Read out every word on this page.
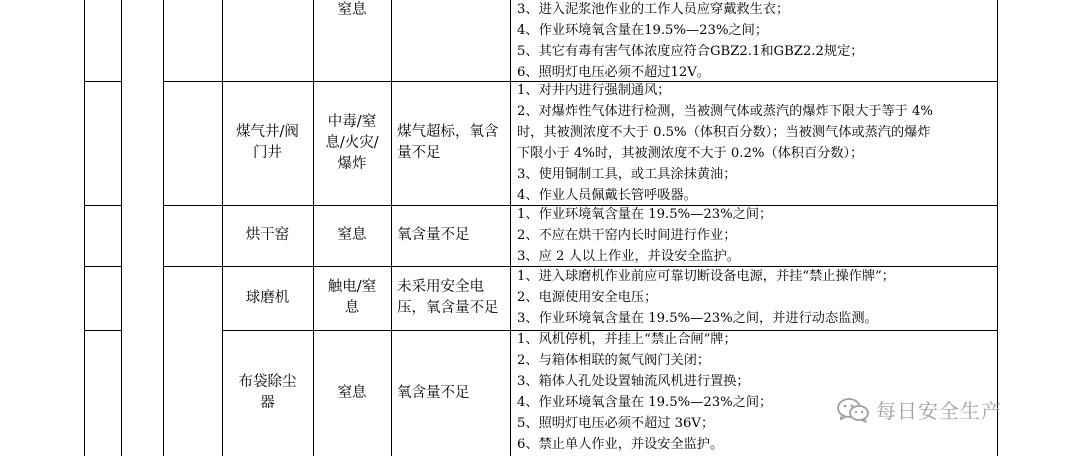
窒息	3、进入泥浆池作业的工作人员应穿戴救生衣；
4、作业环境氧含量在19.5%—23%之间；
5、其它有毒有害气体浓度应符合GBZ2.1和GBZ2.2规定；
6、照明灯电压必须不超过12V。
煤气井/阀
门井
中毒/窒
息/火灾/
爆炸
煤气超标，氧含
量不足
1、对井内进行强制通风；
2、对爆炸性气体进行检测，当被测气体或蒸汽的爆炸下限大于等于 4%
时，其被测浓度不大于 0.5%（体积百分数）；当被测气体或蒸汽的爆炸
下限小于 4%时，其被测浓度不大于 0.2%（体积百分数）；
3、使用铜制工具，或工具涂抹黄油；
4、作业人员佩戴长管呼吸器。
烘干窑	窒息 氧含量不足
1、作业环境氧含量在 19.5%—23%之间；
2、不应在烘干窑内长时间进行作业；
3、应 2 人以上作业，并设安全监护。
球磨机
触电/窒
息
未采用安全电
压，氧含量不足
1、进入球磨机作业前应可靠切断设备电源，并挂“禁止操作牌”；
2、电源使用安全电压；
3、作业环境氧含量在 19.5%—23%之间，并进行动态监测。
布袋除尘
器
窒息 氧含量不足
1、风机停机，并挂上“禁止合闸”牌；
2、与箱体相联的氮气阀门关闭；
3、箱体人孔处设置轴流风机进行置换；
4、作业环境氧含量在 19.5%—23%之间；
5、照明灯电压必须不超过 36V；
6、禁止单人作业，并设安全监护。
每日安全生产
